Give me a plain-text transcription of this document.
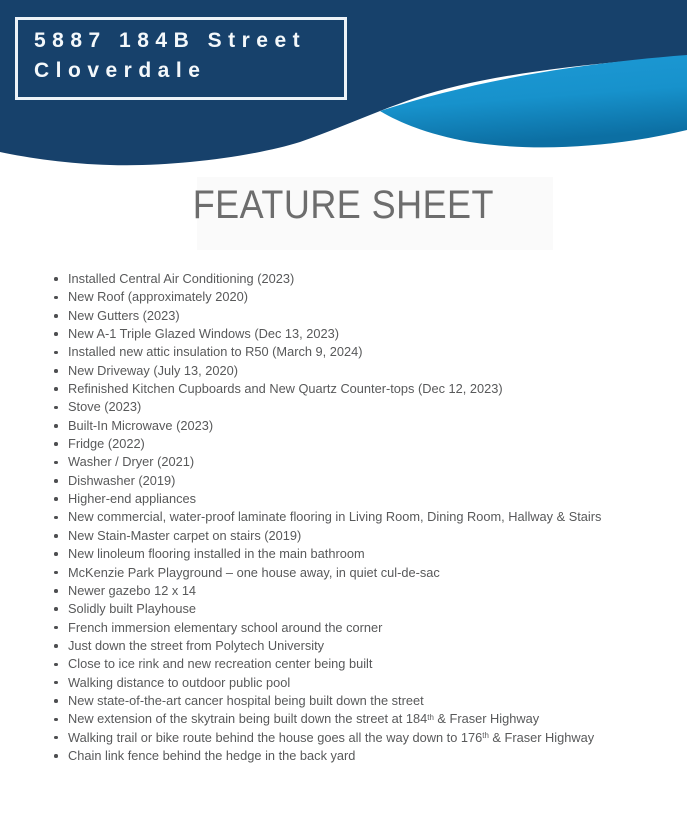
5887 184B Street
Cloverdale
FEATURE SHEET
Installed Central Air Conditioning (2023)
New Roof (approximately 2020)
New Gutters (2023)
New A-1 Triple Glazed Windows (Dec 13, 2023)
Installed new attic insulation to R50 (March 9, 2024)
New Driveway (July 13, 2020)
Refinished Kitchen Cupboards and New Quartz Counter-tops (Dec 12, 2023)
Stove (2023)
Built-In Microwave (2023)
Fridge (2022)
Washer / Dryer (2021)
Dishwasher (2019)
Higher-end appliances
New commercial, water-proof laminate flooring in Living Room, Dining Room, Hallway & Stairs
New Stain-Master carpet on stairs (2019)
New linoleum flooring installed in the main bathroom
McKenzie Park Playground – one house away, in quiet cul-de-sac
Newer gazebo 12 x 14
Solidly built Playhouse
French immersion elementary school around the corner
Just down the street from Polytech University
Close to ice rink and new recreation center being built
Walking distance to outdoor public pool
New state-of-the-art cancer hospital being built down the street
New extension of the skytrain being built down the street at 184th & Fraser Highway
Walking trail or bike route behind the house goes all the way down to 176th & Fraser Highway
Chain link fence behind the hedge in the back yard
